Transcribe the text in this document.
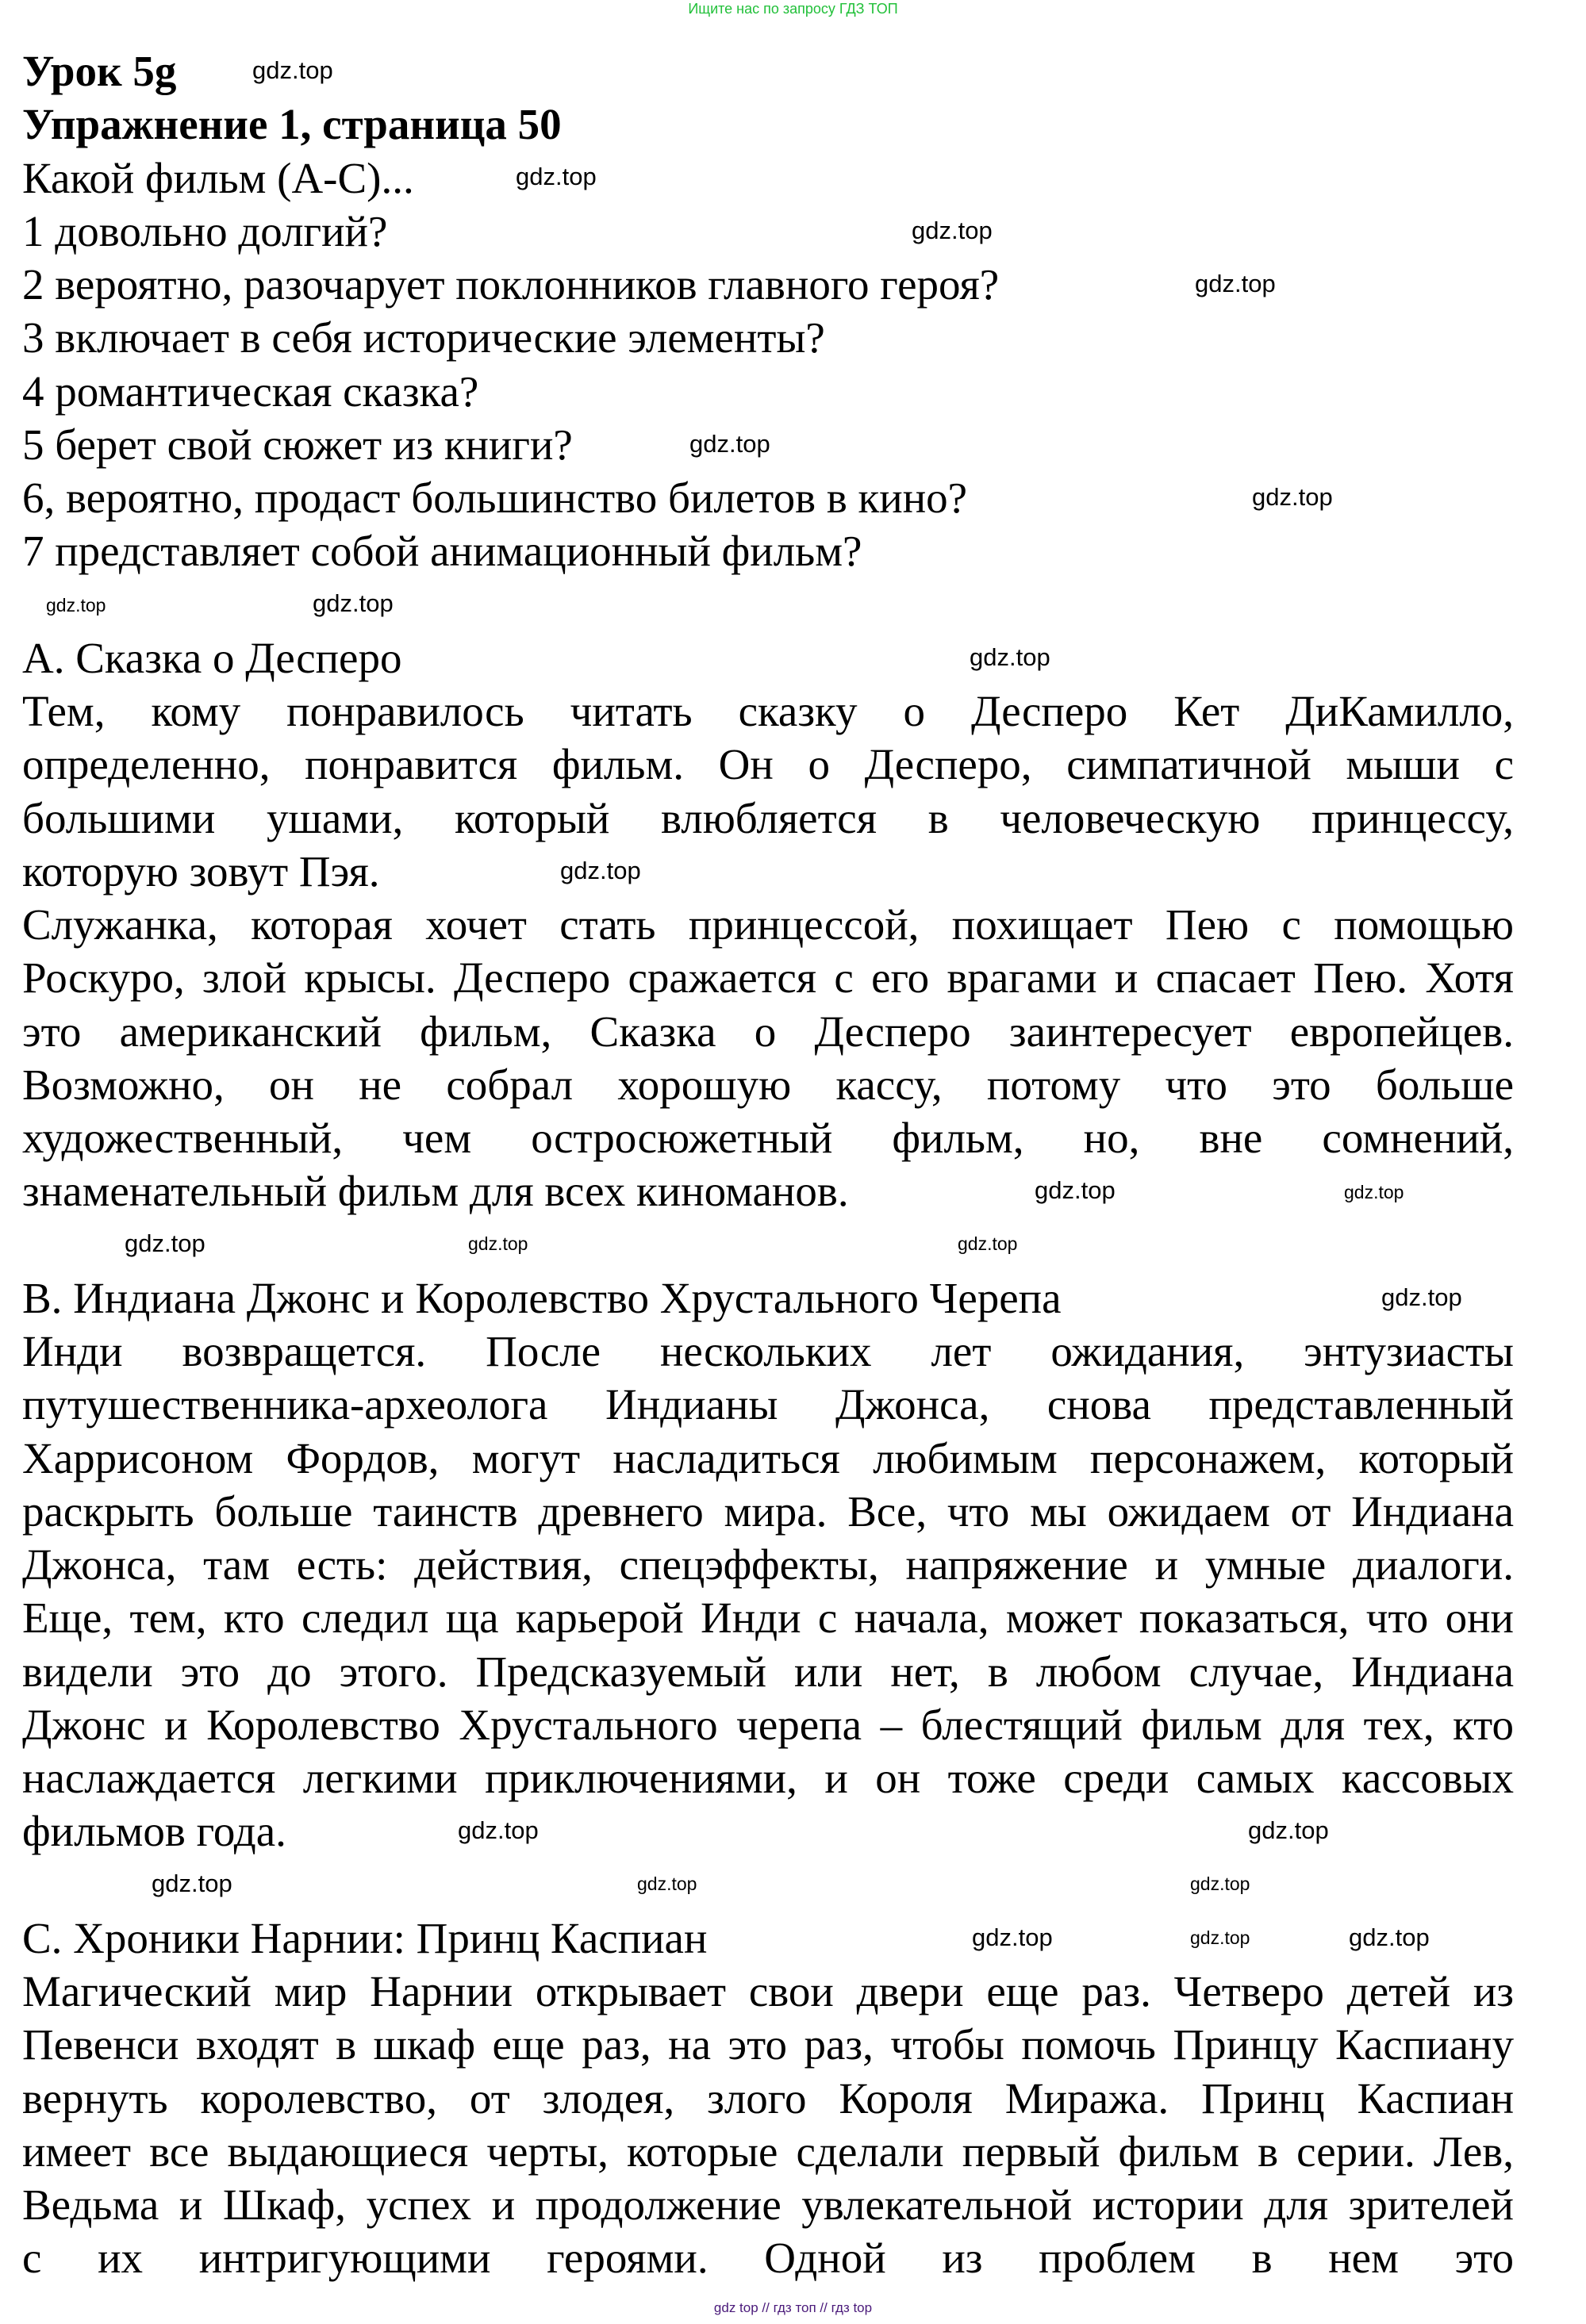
Ищите нас по запросу ГДЗ ТОП
Урок 5g
Упражнение 1, страница 50
Какой фильм (A-C)...
1 довольно долгий?
2 вероятно, разочарует поклонников главного героя?
3 включает в себя исторические элементы?
4 романтическая сказка?
5 берет свой сюжет из книги?
6, вероятно, продаст большинство билетов в кино?
7 представляет собой анимационный фильм?
A. Сказка о Десперо
Тем, кому понравилось читать сказку о Десперо Кет ДиКамилло,
определенно, понравится фильм. Он о Десперо, симпатичной мыши с
большими ушами, который влюбляется в человеческую принцессу,
которую зовут Пэя.
Служанка, которая хочет стать принцессой, похищает Пею с помощью
Роскуро, злой крысы. Десперо сражается с его врагами и спасает Пею. Хотя
это американский фильм, Сказка о Десперо заинтересует европейцев.
Возможно, он не собрал хорошую кассу, потому что это больше
художественный, чем остросюжетный фильм, но, вне сомнений,
знаменательный фильм для всех киноманов.
B. Индиана Джонс и Королевство Хрустального Черепа
Инди возвращется. После нескольких лет ожидания, энтузиасты
путушественника-археолога Индианы Джонса, снова представленный
Харрисоном Фордов, могут насладиться любимым персонажем, который
раскрыть больше таинств древнего мира. Все, что мы ожидаем от Индиана
Джонса, там есть: действия, спецэффекты, напряжение и умные диалоги.
Еще, тем, кто следил ща карьерой Инди с начала, может показаться, что они
видели это до этого. Предсказуемый или нет, в любом случае, Индиана
Джонс и Королевство Хрустального черепа – блестящий фильм для тех, кто
наслаждается легкими приключениями, и он тоже среди самых кассовых
фильмов года.
C. Хроники Нарнии: Принц Каспиан
Магический мир Нарнии открывает свои двери еще раз. Четверо детей из
Певенси входят в шкаф еще раз, на это раз, чтобы помочь Принцу Каспиану
вернуть королевство, от злодея, злого Короля Миража. Принц Каспиан
имеет все выдающиеся черты, которые сделали первый фильм в серии. Лев,
Ведьма и Шкаф, успех и продолжение увлекательной истории для зрителей
с их интригующими героями. Одной из проблем в нем это
gdz.top
gdz.top
gdz.top
gdz.top
gdz.top
gdz.top
gdz.top
gdz.top
gdz.top
gdz.top
gdz.top
gdz.top
gdz.top
gdz.top
gdz.top
gdz.top
gdz.top
gdz.top
gdz.top
gdz.top
gdz.top
gdz.top
gdz.top
gdz.top
gdz top // гдз топ // гдз top
